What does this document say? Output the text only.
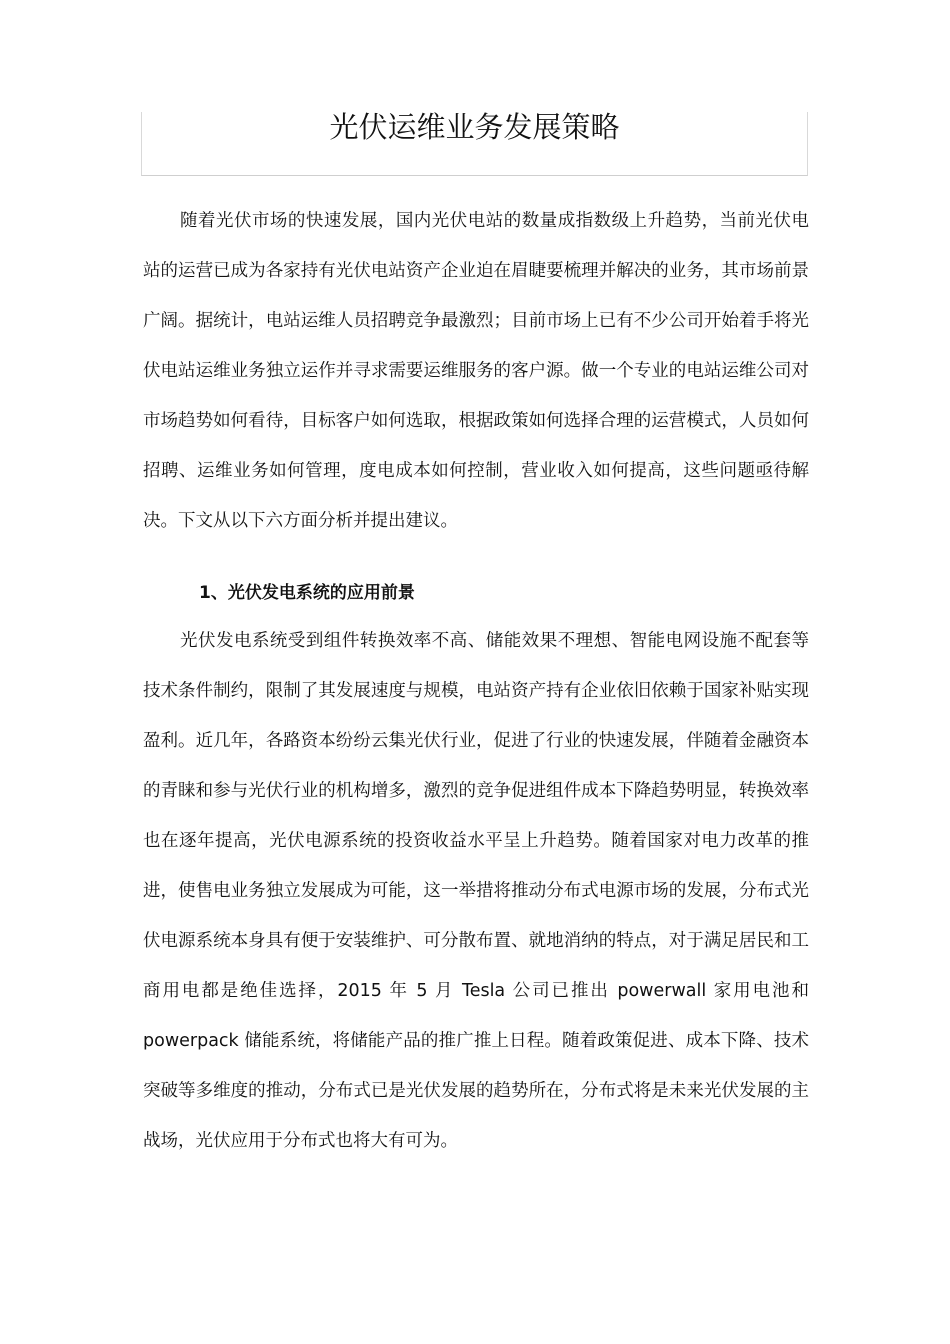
光伏运维业务发展策略

随着光伏市场的快速发展，国内光伏电站的数量成指数级上升趋势，当前光伏电站的运营已成为各家持有光伏电站资产企业迫在眉睫要梳理并解决的业务，其市场前景广阔。据统计，电站运维人员招聘竞争最激烈；目前市场上已有不少公司开始着手将光伏电站运维业务独立运作并寻求需要运维服务的客户源。做一个专业的电站运维公司对市场趋势如何看待，目标客户如何选取，根据政策如何选择合理的运营模式，人员如何招聘、运维业务如何管理，度电成本如何控制，营业收入如何提高，这些问题亟待解决。下文从以下六方面分析并提出建议。

1、光伏发电系统的应用前景

光伏发电系统受到组件转换效率不高、储能效果不理想、智能电网设施不配套等技术条件制约，限制了其发展速度与规模，电站资产持有企业依旧依赖于国家补贴实现盈利。近几年，各路资本纷纷云集光伏行业，促进了行业的快速发展，伴随着金融资本的青睐和参与光伏行业的机构增多，激烈的竞争促进组件成本下降趋势明显，转换效率也在逐年提高，光伏电源系统的投资收益水平呈上升趋势。随着国家对电力改革的推进，使售电业务独立发展成为可能，这一举措将推动分布式电源市场的发展，分布式光伏电源系统本身具有便于安装维护、可分散布置、就地消纳的特点，对于满足居民和工商用电都是绝佳选择，2015 年 5 月 Tesla 公司已推出 powerwall 家用电池和 powerpack 储能系统，将储能产品的推广推上日程。随着政策促进、成本下降、技术突破等多维度的推动，分布式已是光伏发展的趋势所在，分布式将是未来光伏发展的主战场，光伏应用于分布式也将大有可为。
